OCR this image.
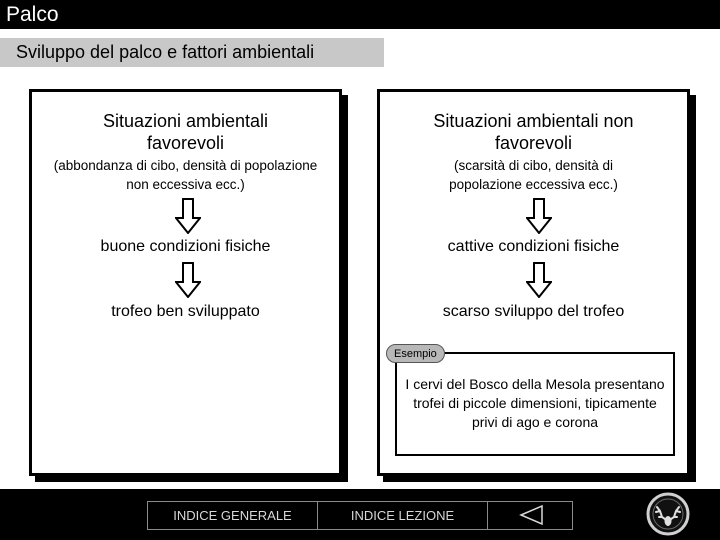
Palco
Sviluppo del palco e fattori ambientali
Situazioni ambientali favorevoli
(abbondanza di cibo, densità di popolazione non eccessiva ecc.)
buone condizioni fisiche
trofeo ben sviluppato
Situazioni ambientali non favorevoli
(scarsità di cibo, densità di popolazione eccessiva ecc.)
cattive condizioni fisiche
scarso sviluppo del trofeo
I cervi del Bosco della Mesola presentano trofei di piccole dimensioni, tipicamente privi di ago e corona
Esempio
INDICE GENERALE	INDICE LEZIONE
